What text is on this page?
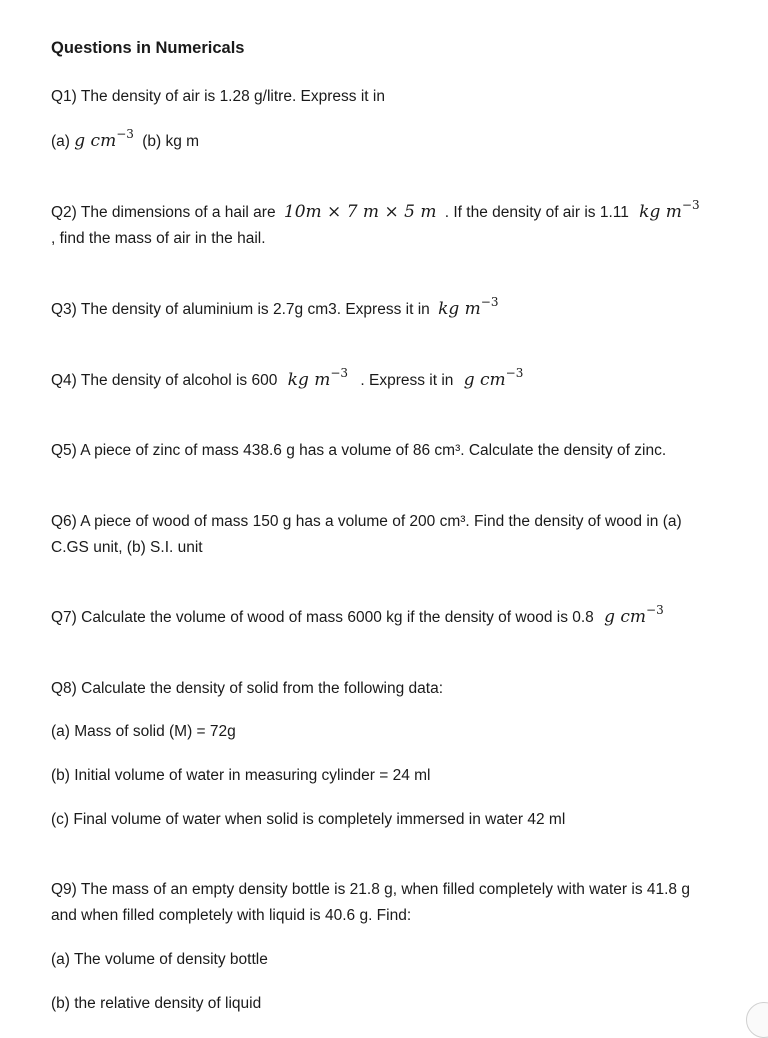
Questions in Numericals
Q1) The density of air is 1.28 g/litre. Express it in
(a) g $cm^{-3}$ (b) kg m
Q2) The dimensions of a hail are 10m × 7 m × 5 m . If the density of air is 1.11 kg $m^{-3}$
, find the mass of air in the hail.
Q3) The density of aluminium is 2.7g cm3. Express it in kg $m^{-3}$
Q4) The density of alcohol is 600 kg $m^{-3}$ . Express it in g $cm^{-3}$
Q5) A piece of zinc of mass 438.6 g has a volume of 86 cm³. Calculate the density of zinc.
Q6) A piece of wood of mass 150 g has a volume of 200 cm³. Find the density of wood in (a)
C.GS unit, (b) S.I. unit
Q7) Calculate the volume of wood of mass 6000 kg if the density of wood is 0.8 g $cm^{-3}$
Q8) Calculate the density of solid from the following data:
(a) Mass of solid (M) = 72g
(b) Initial volume of water in measuring cylinder = 24 ml
(c) Final volume of water when solid is completely immersed in water 42 ml
Q9) The mass of an empty density bottle is 21.8 g, when filled completely with water is 41.8 g
and when filled completely with liquid is 40.6 g. Find:
(a) The volume of density bottle
(b) the relative density of liquid
